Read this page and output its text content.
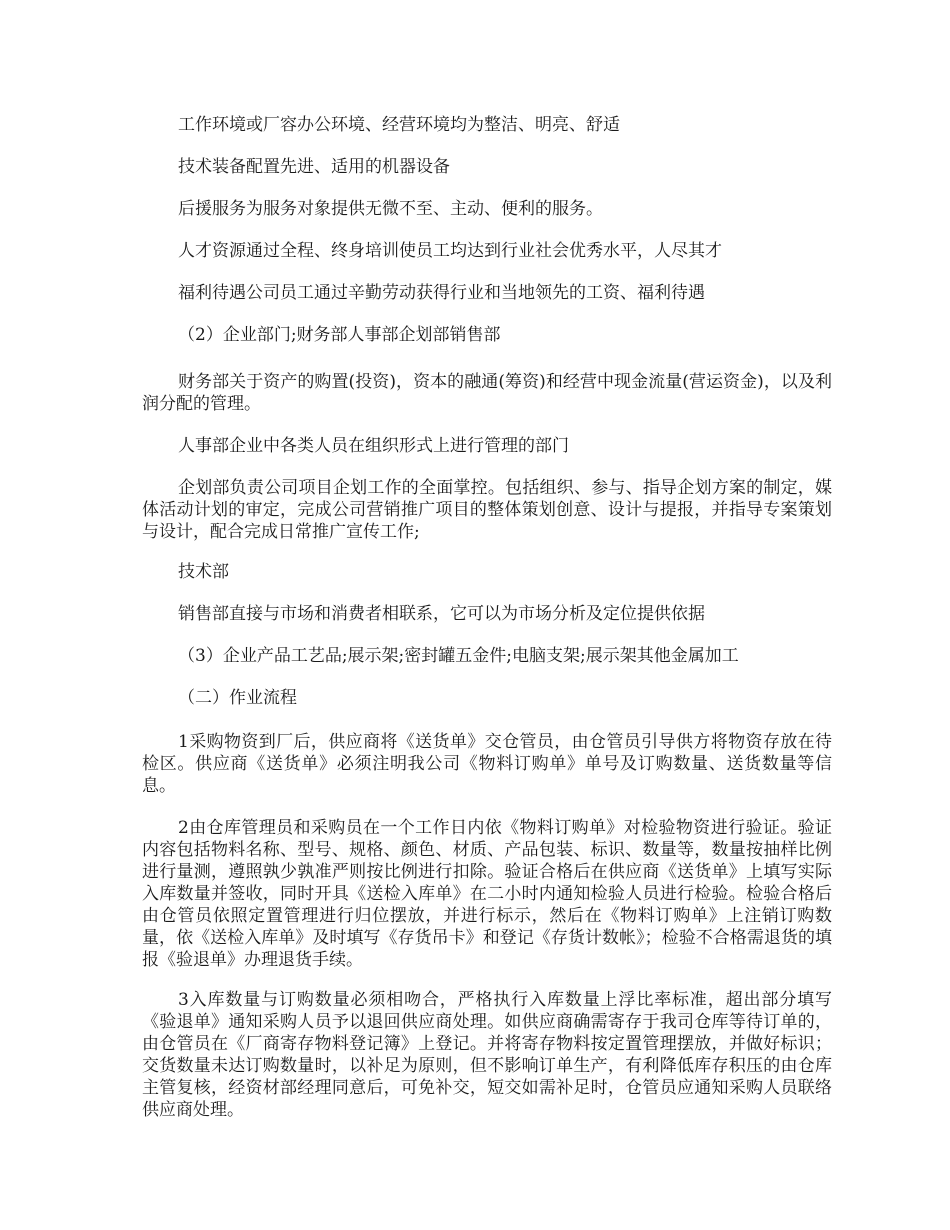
工作环境或厂容办公环境、经营环境均为整洁、明亮、舒适

技术装备配置先进、适用的机器设备

后援服务为服务对象提供无微不至、主动、便利的服务。

人才资源通过全程、终身培训使员工均达到行业社会优秀水平，人尽其才

福利待遇公司员工通过辛勤劳动获得行业和当地领先的工资、福利待遇

（2）企业部门;财务部人事部企划部销售部

财务部关于资产的购置(投资)，资本的融通(筹资)和经营中现金流量(营运资金)，以及利润分配的管理。

人事部企业中各类人员在组织形式上进行管理的部门

企划部负责公司项目企划工作的全面掌控。包括组织、参与、指导企划方案的制定，媒体活动计划的审定，完成公司营销推广项目的整体策划创意、设计与提报，并指导专案策划与设计，配合完成日常推广宣传工作;

技术部

销售部直接与市场和消费者相联系，它可以为市场分析及定位提供依据

（3）企业产品工艺品;展示架;密封罐五金件;电脑支架;展示架其他金属加工

（二）作业流程

1采购物资到厂后，供应商将《送货单》交仓管员，由仓管员引导供方将物资存放在待检区。供应商《送货单》必须注明我公司《物料订购单》单号及订购数量、送货数量等信息。

2由仓库管理员和采购员在一个工作日内依《物料订购单》对检验物资进行验证。验证内容包括物料名称、型号、规格、颜色、材质、产品包装、标识、数量等，数量按抽样比例进行量测，遵照孰少孰准严则按比例进行扣除。验证合格后在供应商《送货单》上填写实际入库数量并签收，同时开具《送检入库单》在二小时内通知检验人员进行检验。检验合格后由仓管员依照定置管理进行归位摆放，并进行标示，然后在《物料订购单》上注销订购数量，依《送检入库单》及时填写《存货吊卡》和登记《存货计数帐》；检验不合格需退货的填报《验退单》办理退货手续。

3入库数量与订购数量必须相吻合，严格执行入库数量上浮比率标准，超出部分填写《验退单》通知采购人员予以退回供应商处理。如供应商确需寄存于我司仓库等待订单的，由仓管员在《厂商寄存物料登记簿》上登记。并将寄存物料按定置管理摆放，并做好标识；交货数量未达订购数量时，以补足为原则，但不影响订单生产，有利降低库存积压的由仓库主管复核，经资材部经理同意后，可免补交，短交如需补足时，仓管员应通知采购人员联络供应商处理。
